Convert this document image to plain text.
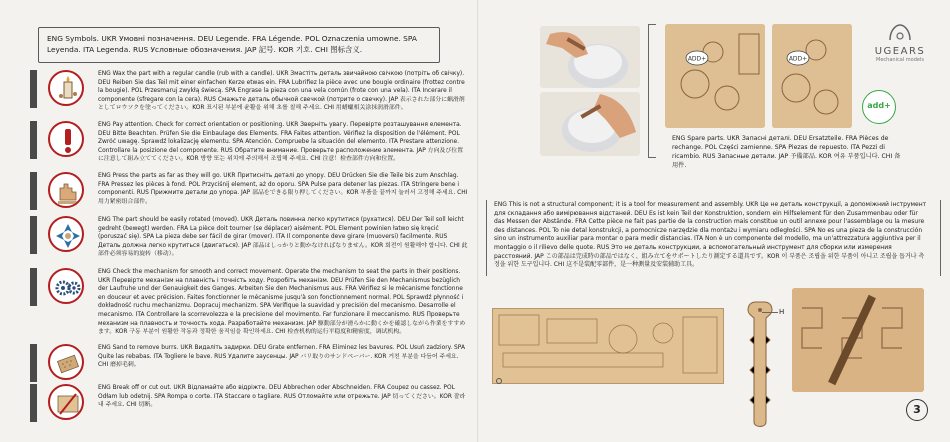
ENG Symbols. UKR Умовні позначення. DEU Legende. FRA Légende. POL Oznaczenia umowne. SPA Leyenda. ITA Legenda. RUS Условные обозначения. JAP 記号. KOR 기호. CHI 图标含义.
ENG Wax the part with a regular candle (rub with a candle). UKR Змастіть деталь звичайною свічкою (потріть об свічку). DEU Reiben Sie das Teil mit einer einfachen Kerze etwas ein. FRA Lubrifiez la pièce avec une bougie ordinaire (frottez contre la bougie). POL Przesmaruj zwykłą świecą. SPA Engrase la pieza con una vela común (frote con una vela). ITA Incerare il componente (sfregare con la cera). RUS Смажьте деталь обычной свечкой (потрите о свечку). JAP 表示された部分に蝋滑剤としてロウソクを塗ってください。KOR 표시된 부분에 윤활을 위해 초를 칠해 주세요. CHI 用蜡蠟相关涂抹润滑部件。
ENG Pay attention. Check for correct orientation or positioning. UKR Зверніть увагу. Перевірте розташування елемента. DEU Bitte Beachten. Prüfen Sie die Einbaulage des Elements. FRA Faites attention. Vérifiez la disposition de l'élément. POL Zwróć uwagę. Sprawdź lokalizację elementu. SPA Atención. Compruebe la situación del elemento. ITA Prestare attenzione. Controllare la posizione del componente. RUS Обратите внимание. Проверьте расположение элемента. JAP 方向及び位置に注意して組み立ててください。KOR 방향 또는 위치에 주의해서 조립해 주세요. CHI 注意！检查部件方向和位置。
ENG Press the parts as far as they will go. UKR Притисніть деталі до упору. DEU Drücken Sie die Teile bis zum Anschlag. FRA Pressez les pièces à fond. POL Przyciśnij element, aż do oporu. SPA Pulse para detener las piezas. ITA Stringere bene i componenti. RUS Прижмите детали до упора. JAP 部品をできる限り押してください。KOR 부품을 끝까지 눌러서 고정해 주세요. CHI 用力紧密组合部件。
ENG The part should be easily rotated (moved). UKR Деталь повинна легко крутитися (рухатися). DEU Der Teil soll leicht gedreht (bewegt) werden. FRA La pièce doit tourner (se déplacer) aisément. POL Element powinien łatwo się kręcić (poruszać się). SPA La pieza debe ser fácil de girar (mover). ITA Il componente deve girare (muoversi) facilmente. RUS Деталь должна легко крутиться (двигаться). JAP 部品はしっかりと動かなければなりません。KOR 회전이 원활해야 합니다. CHI 此部件必须容易的旋转（移动）。
ENG Check the mechanism for smooth and correct movement. Operate the mechanism to seat the parts in their positions. UKR Перевірте механізм на плавність і точність ходу. Розробіть механізм. DEU Prüfen Sie den Mechanismus bezüglich der Laufruhe und der Genauigkeit des Ganges. Arbeiten Sie den Mechanismus aus. FRA Vérifiez si le mécanisme fonctionne en douceur et avec précision. Faites fonctionner le mécanisme jusqu'à son fonctionnement normal. POL Sprawdź płynność i dokładność ruchu mechanizmu. Dopracuj mechanizm. SPA Verifique la suavidad y precisión del mecanismo. Desarrolle el mecanismo. ITA Controllare la scorrevolezza e la precisione del movimento. Far funzionare il meccanismo. RUS Проверьте механизм на плавность и точность хода. Разработайте механизм. JAP 駆動部分が滑らかに動くかを確認しながら作業をすすめます。KOR 구동 부분이 원활한 작동과 정확한 움직임을 확인하세요. CHI 检查机构的运行平稳度和精密度，调试机构。
ENG Sand to remove burrs. UKR Видаліть задирки. DEU Grate entfernen. FRA Eliminez les bavures. POL Usuń zadziory. SPA Quite las rebabas. ITA Togliere le bave. RUS Удалите заусенцы. JAP バリ取りのサンドペーパー. KOR 거친 부분을 다듬어 주세요. CHI 磨掉毛刺。
ENG Break off or cut out. UKR Відламайте або відріжте. DEU Abbrechen oder Abschneiden. FRA Coupez ou cassez. POL Odłam lub odetnij. SPA Rompa o corte. ITA Staccare o tagliare. RUS Отломайте или отрежьте. JAP 切ってください。KOR 잘라내 주세요. CHI 切断。
ADD+	ADD+
UGEARS
Mechanical models
add+
ENG Spare parts. UKR Запасні деталі. DEU Ersatzteile. FRA Pièces de rechange. POL Części zamienne. SPA Piezas de repuesto. ITA Pezzi di ricambio. RUS Запасные детали. JAP 予備部品. KOR 여유 부품입니다. CHI 备用件.
ENG This is not a structural component; it is a tool for measurement and assembly. UKR Це не деталь конструкції, а допоміжний інструмент для складання або вимірювання відстаней. DEU Es ist kein Teil der Konstruktion, sondern ein Hilfselement für den Zusammenbau oder für das Messen der Abstände. FRA Cette pièce ne fait pas partie de la construction mais constitue un outil annexe pour l'assemblage ou la mesure des distances. POL To nie detal konstrukcji, a pomocnicze narzędzie dla montażu i wymiaru odległości. SPA No es una pieza de la construcción sino un instrumento auxiliar para montar o para medir distancias. ITA Non è un componente del modello, ma un'attrezzatura aggiuntiva per il montaggio o il rilievo delle quote. RUS Это не деталь конструкции, а вспомогательный инструмент для сборки или измерения расстояний. JAP この部品は完成時の部品ではなく、組み立てをサポートしたり測定する道具です。KOR 이 부품은 조립을 위한 부품이 아니고 조립을 돕거나 측정을 위한 도구입니다. CHI 这不是装配零部件，是一种测量及安装辅助工具。
H
3
